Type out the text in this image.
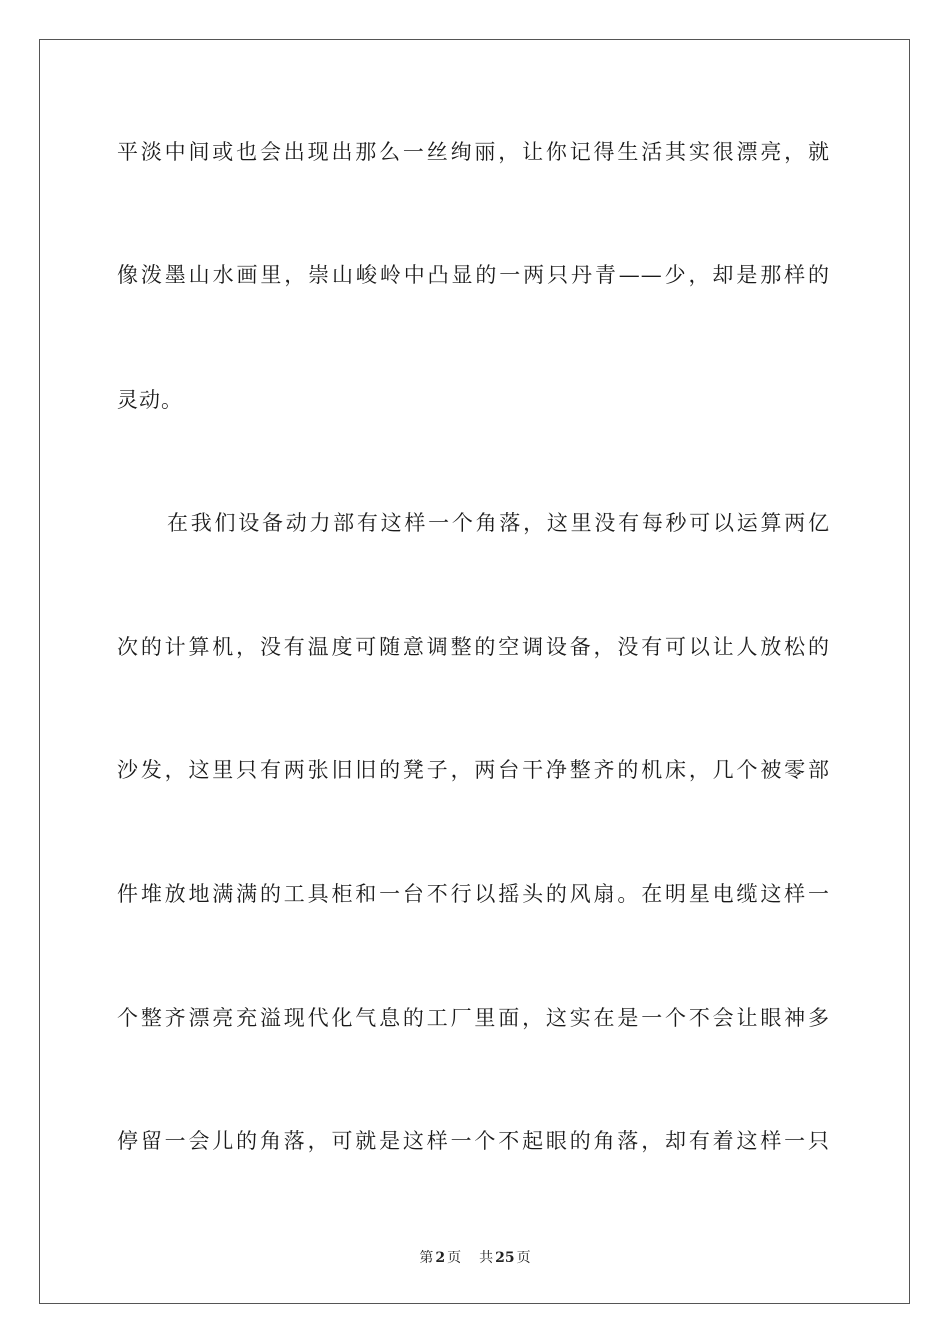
平淡中间或也会出现出那么一丝绚丽，让你记得生活其实很漂亮，就
像泼墨山水画里，崇山峻岭中凸显的一两只丹青——少，却是那样的
灵动。
在我们设备动力部有这样一个角落，这里没有每秒可以运算两亿
次的计算机，没有温度可随意调整的空调设备，没有可以让人放松的
沙发，这里只有两张旧旧的凳子，两台干净整齐的机床，几个被零部
件堆放地满满的工具柜和一台不行以摇头的风扇。在明星电缆这样一
个整齐漂亮充溢现代化气息的工厂里面，这实在是一个不会让眼神多
停留一会儿的角落，可就是这样一个不起眼的角落，却有着这样一只
第 2 页 共 25 页
